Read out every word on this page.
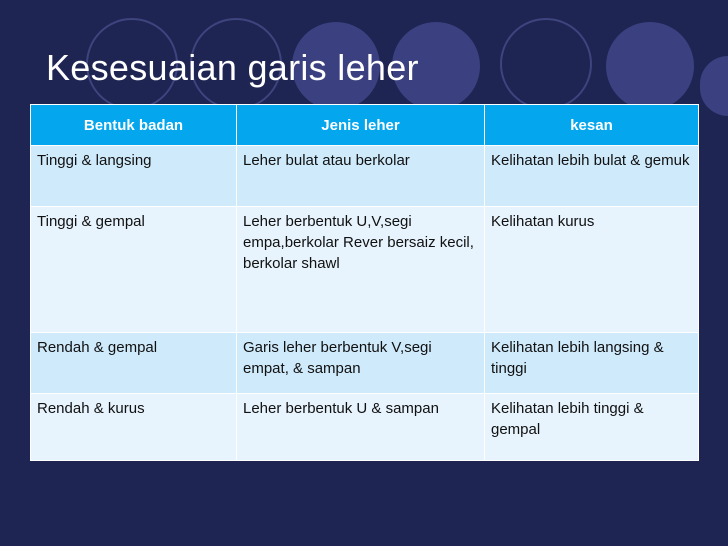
Kesesuaian garis leher
Bentuk badan	Jenis leher	kesan
Tinggi & langsing	Leher bulat atau berkolar	Kelihatan lebih bulat & gemuk
Tinggi & gempal	Leher berbentuk U,V,segi empa,berkolar Rever bersaiz kecil, berkolar shawl	Kelihatan kurus
Rendah & gempal	Garis leher berbentuk V,segi empat, & sampan	Kelihatan lebih langsing & tinggi
Rendah & kurus	Leher berbentuk U & sampan	Kelihatan lebih tinggi & gempal
